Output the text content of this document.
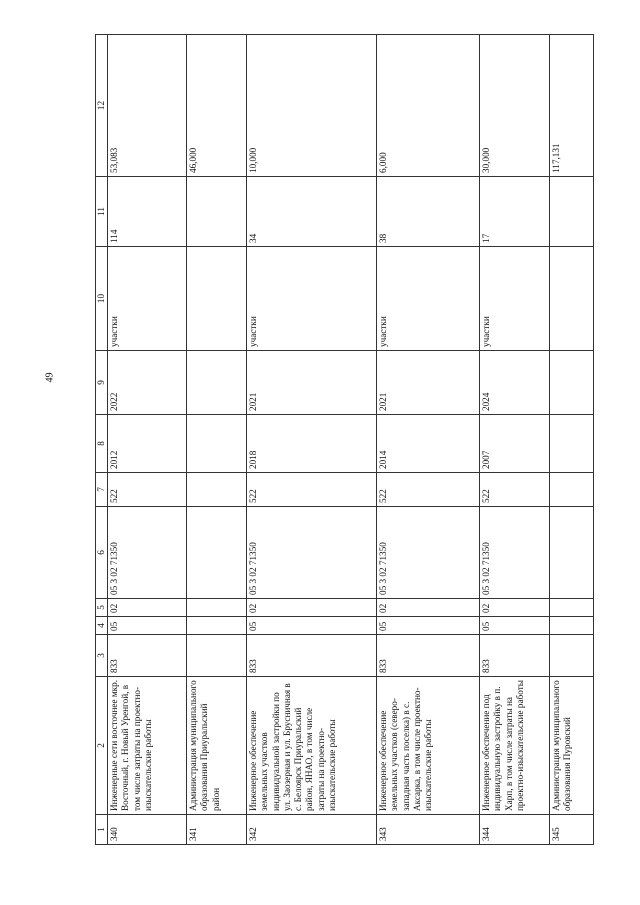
49
1	2	3	4	5	6	7	8	9	10	11	12
340	Инженерные сети восточнее мкр. Восточный, г. Новый Уренгой, в том числе затраты на проектно-изыскательские работы	833	05	02	05 3 02 71350	522	2012	2022	участки	114	53,083
341	Администрация муниципального образования Приуральский район										46,000
342	Инженерное обеспечение земельных участков индивидуальной застройки по ул. Заозерная и ул. Брусничная в с. Белоярск Приуральский район, ЯНАО, в том числе затраты на проектно-изыскательские работы	833	05	02	05 3 02 71350	522	2018	2021	участки	34	10,000
343	Инженерное обеспечение земельных участков (северо-западная часть поселка) в с. Аксарка, в том числе проектно-изыскательские работы	833	05	02	05 3 02 71350	522	2014	2021	участки	38	6,000
344	Инженерное обеспечение под индивидуальную застройку в п. Харп, в том числе затраты на проектно-изыскательские работы	833	05	02	05 3 02 71350	522	2007	2024	участки	17	30,000
345	Администрация муниципального образования Пуровский										117,131
